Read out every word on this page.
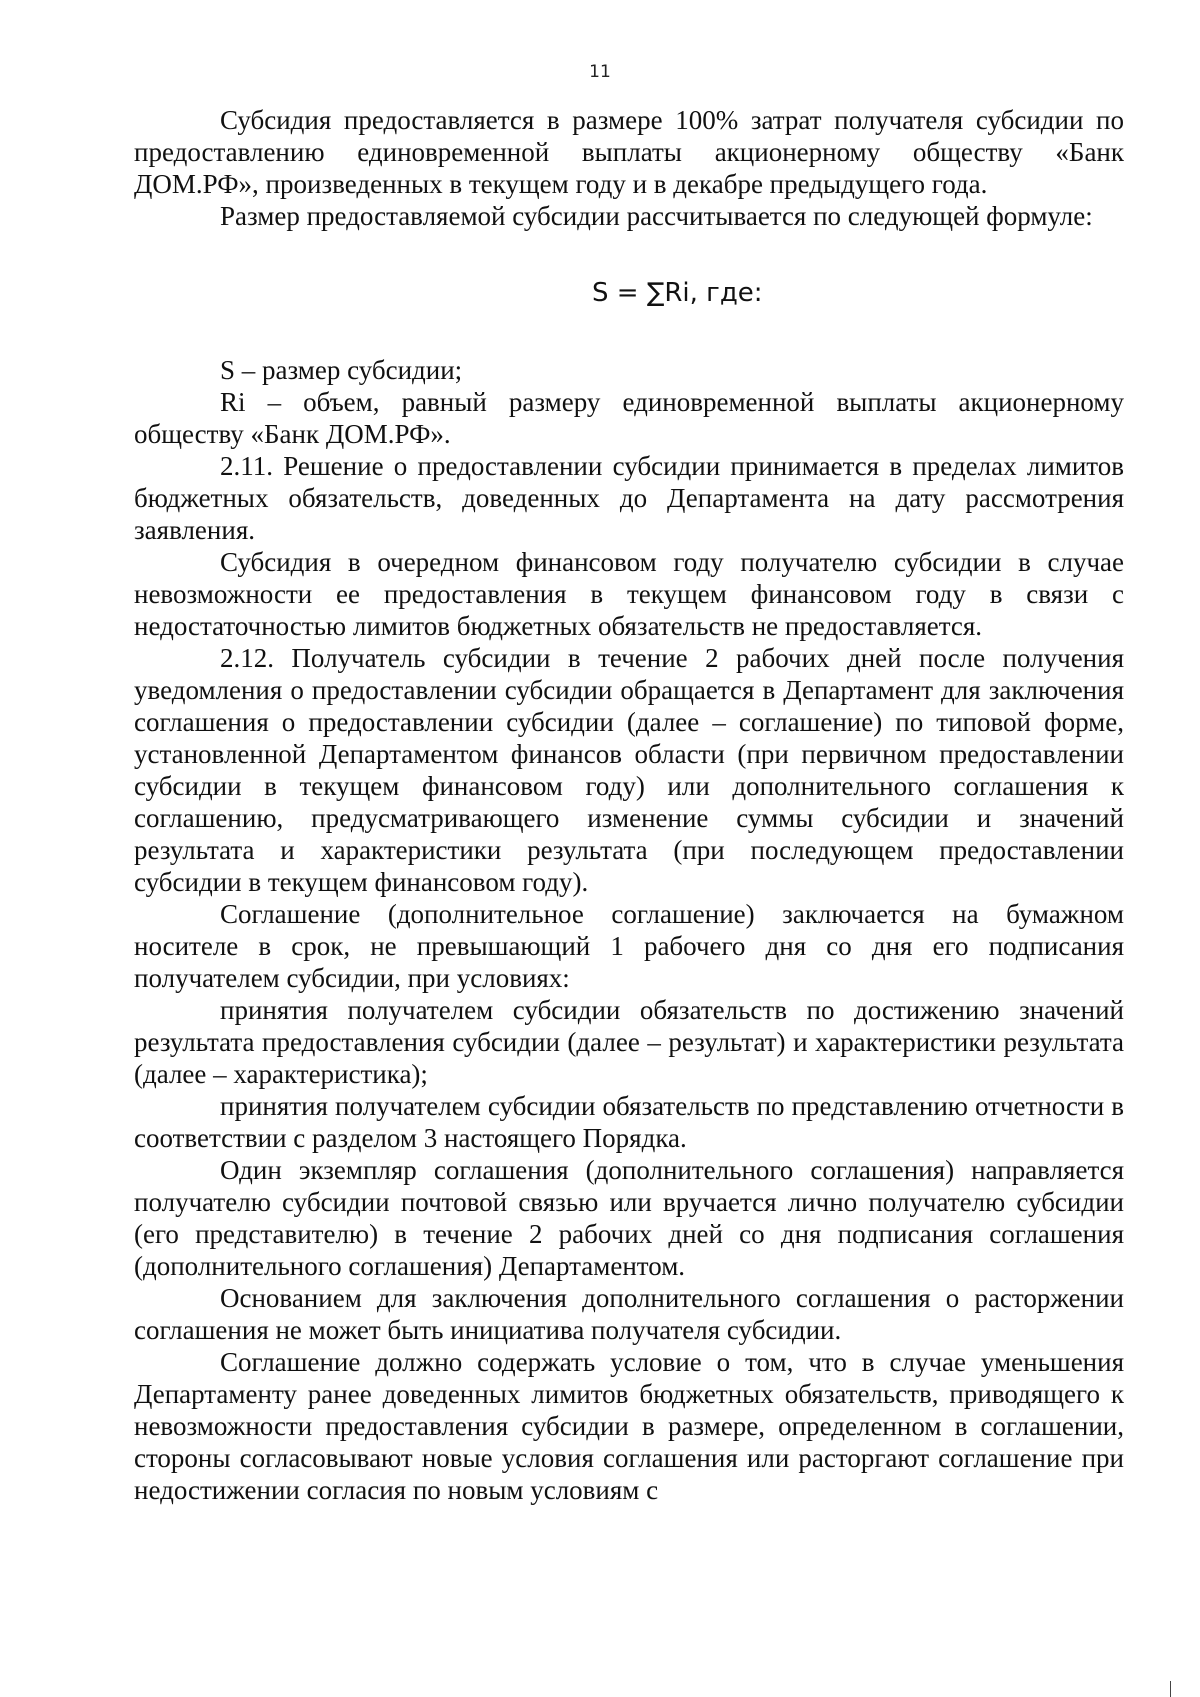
11

Субсидия предоставляется в размере 100% затрат получателя субсидии по предоставлению единовременной выплаты акционерному обществу «Банк ДОМ.РФ», произведенных в текущем году и в декабре предыдущего года.

Размер предоставляемой субсидии рассчитывается по следующей формуле:

S = ∑Ri, где:

S – размер субсидии;

Ri – объем, равный размеру единовременной выплаты акционерному обществу «Банк ДОМ.РФ».

2.11. Решение о предоставлении субсидии принимается в пределах лимитов бюджетных обязательств, доведенных до Департамента на дату рассмотрения заявления.

Субсидия в очередном финансовом году получателю субсидии в случае невозможности ее предоставления в текущем финансовом году в связи с недостаточностью лимитов бюджетных обязательств не предоставляется.

2.12. Получатель субсидии в течение 2 рабочих дней после получения уведомления о предоставлении субсидии обращается в Департамент для заключения соглашения о предоставлении субсидии (далее – соглашение) по типовой форме, установленной Департаментом финансов области (при первичном предоставлении субсидии в текущем финансовом году) или дополнительного соглашения к соглашению, предусматривающего изменение суммы субсидии и значений результата и характеристики результата (при последующем предоставлении субсидии в текущем финансовом году).

Соглашение (дополнительное соглашение) заключается на бумажном носителе в срок, не превышающий 1 рабочего дня со дня его подписания получателем субсидии, при условиях:

принятия получателем субсидии обязательств по достижению значений результата предоставления субсидии (далее – результат) и характеристики результата (далее – характеристика);

принятия получателем субсидии обязательств по представлению отчетности в соответствии с разделом 3 настоящего Порядка.

Один экземпляр соглашения (дополнительного соглашения) направляется получателю субсидии почтовой связью или вручается лично получателю субсидии (его представителю) в течение 2 рабочих дней со дня подписания соглашения (дополнительного соглашения) Департаментом.

Основанием для заключения дополнительного соглашения о расторжении соглашения не может быть инициатива получателя субсидии.

Соглашение должно содержать условие о том, что в случае уменьшения Департаменту ранее доведенных лимитов бюджетных обязательств, приводящего к невозможности предоставления субсидии в размере, определенном в соглашении, стороны согласовывают новые условия соглашения или расторгают соглашение при недостижении согласия по новым условиям с
